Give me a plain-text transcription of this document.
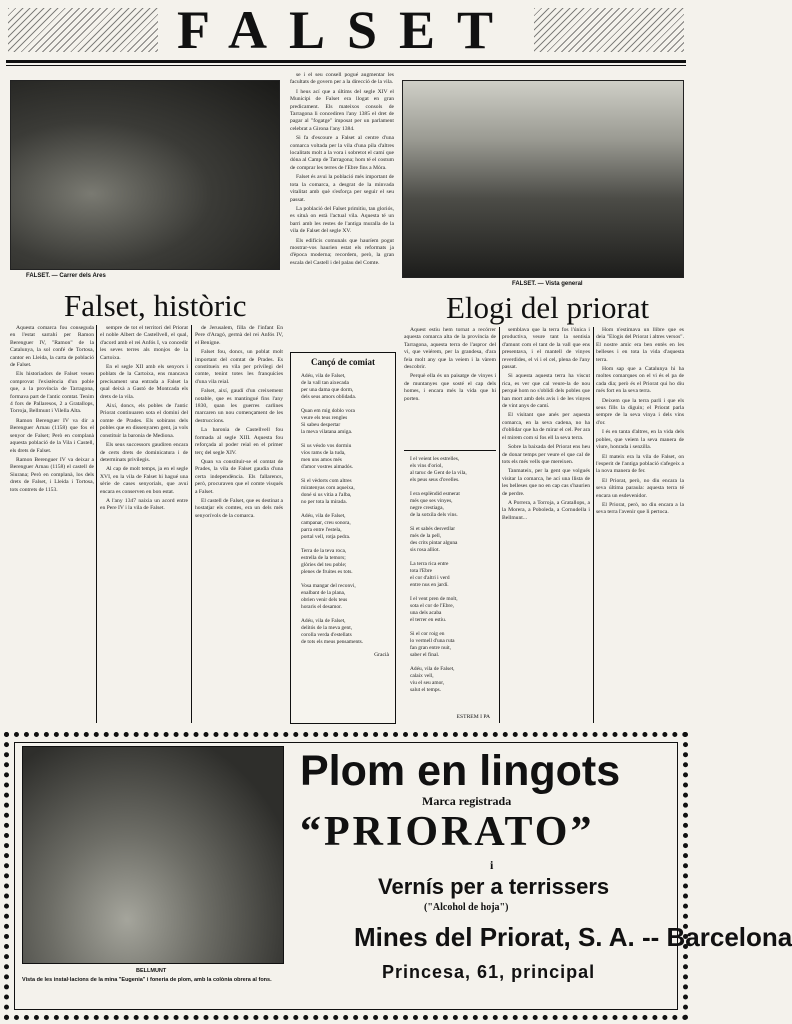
FALSET
FALSET. — Carrer dels Ares
FALSET. — Vista general

se i el seu consell pogué augmentar les facultats de govern per a la direcció de la vila.

I heus ací que a últims del segle XIV el Municipi de Falset era llogat en gran predicament. Els mateixos consols de Tarragona li concediren l'any 1385 el dret de pagar al "fogatge" imposat per un parlament celebrat a Girona l'any 1384.

Si fa d'escoure a Falset al centre d'una comarca voltada per la vila d'una pila d'altres localitats molt a la vora i sobretot el camí que dóna al Camp de Tarragona; hom té el costum de comprar les terres de l'Ebre fins a Móra.

Falset és avui la població més important de tota la comarca, a desgrat de la minvada vitalitat amb què s'esforça per seguir el seu passat.

La població del Falset primitiu, tan gloriós, es situà on està l'actual vila. Aquesta té un barri amb les restes de l'antiga muralla de la vila de Falset del segle XV.

Els edificis comunals que hauríem pogut mostrar-vos haurien estat els reformats ja d'època moderna; recordem, però, la gran escala del Castell i del palau del Comte.

Falset, històric	Elogi del priorat

Aquesta comarca fou conseguda en l'estat sarrahí per Ramon Berenguer IV, "Ramon" de la Catalunya, la sol confé de Tortosa, cantor en Lleida, la carta de població de Falset.

Els historiadors de Falset veuen comprovat l'existència d'un poble que, a la província de Tarragona, formava part de l'antic comtat. Tenim 4 fors de Pallaresos, 2 a Gratallops, Torroja, Bellmunt i Vilella Alta.

Ramon Berenguer IV va dir a Berenguer Arnau (1158) que fos el senyor de Falset; Però en complanà aquesta població de la Vila i Castell, els drets de Falset.

Ramon Berenguer IV va deixar a Berenguer Arnau (1158) el castell de Siurana; Però en complanà, los dels drets de Falset, i Lleida i Tortosa, tots contrets de 1153.

sempre de tot el territori del Priorat el noble Albert de Castellvell, el qual, d'acord amb el rei Anfós I, va concedir les seves terres als monjos de la Cartoixa.

En el segle XII amb els senyors i poblats de la Cartoixa, ens mancava precisament una entrada a Falset la qual deixà a Gastó de Montcada els drets de la vila.

Així, doncs, els pobles de l'antic Priorat continuaren sota el domini del comte de Prades. Els sobirans dels pobles que en dissenyaren gent, ja vols constituir la baronia de Mediona.

Els seus successors gaudiren encara de certs drets de dominicatura i de determinats privilegis.

Al cap de molt temps, ja en el segle XVI, en la vila de Falset hi hagué una sèrie de cases senyorials, que avui encara es conserven en bon estat.

A l'any 1347 naixia un acord entre en Pere IV i la vila de Falset.

de Jerusalem, filla de l'infant En Pere d'Aragó, germà del rei Anfós IV, el Benigne.

Falset fou, doncs, un poblat molt important del comtat de Prades. Es constitueix en vila per privilegi del comte, tenint totes les franquícies d'una vila reial.

Falset, així, gaudí d'un creixement notable, que es mantingué fins l'any 1830, quan les guerres carlines marcaren un nou començament de les destruccions.

La baronia de Castellvell fou formada al segle XIII. Aquesta fou reforçada al poder reial en el primer terç del segle XIV.

Quan va constituir-se el comtat de Prades, la vila de Falset gaudia d'una certa independència. Els fallarencs, però, procuraven que el comte visqués a Falset.

El castell de Falset, que es destinat a hostatjar els comtes, era un dels més senyorívols de la comarca.

Cançó de comiat
Adéu, vila de Falset,
de la vall tan aixecada
per una dama que dorm,
dels seus amors oblidada.

Quan em mig doblo vora
veure els teus rengles
Si sabeu despertar
la meva vilatana amiga.

Si us vésdo vos dormiu
víos rams de la tuda,
men uns amos més
d'amor vostres aimadós.

Si el vèdorts com altres
miratenyas com aqueixa,
doné si us vitia a l'alba,
no per tota la mirada.

Adéu, vila de Falset,
campanar, creu sonora,
parra entre l'estela,
portal vell, rotja pedra.

Terra de la teva roca,
estrella de la temors;
glòries del teu poble;
plenes de fruites es tots.

Vosa mangar del reconvi,
enalbant de la plana,
obrien venir dels teus
horaris el desamor.

Adéu, vila de Falset,
delitós de la meva gent,
corolla verda d'estellats
de tots els meus pensaments.
Gracià

Aquest estiu hem tornat a recórrer aquesta comarca alta de la província de Tarragona, aquesta terra de l'aspror del vi, que veiérem, per la grandesa, d'ara feia molt any que la veiem i la vàrem descobrir.

Perquè ella és un paisatge de vinyes i de muntanyes que sosté el cap dels homes, i encara més la vida que hi porten.

I el veient les estrelles,
els vins d'oriol,
al taruc de Gent de la vila,
els peus seus d'ovelles.

I era esplèndid esmerat
més que ses vinyes,
negre crestiaga,
de la sotxila dels vins.

Si et sabés desvetllar
més de la pell,
des crits pintar alguna
sis rosa alliot.

La terra rica entre
tota l'Ebre
el cor d'altri i verd
entre nus en jardí.

I el vent pren de molt,
sota el cor de l'Ebre,
una dels acaba
el terrer en estiu.

Si el cor roig en
lo vermell d'una ruta
fan gran entre nuit,
saber el final.

Adéu, vila de Falset,
calaix vell,
viu el seu amor,
salut el temps.
ESTREM I PA

semblava que la terra fos l'única i productiva, veure tant la sentisia d'amunt com el tant de la vall que ens presentava, i el mantell de vinyes reverdides, el vi i el cel, plena de l'any passat.

Si aquesta aquesta terra ha viscut rica, es ver que cal veure-la de nou perquè hom no s'oblidi dels pobles que han mort amb dels avis i de les vinyes de vint anys de camí.

El visitant que anés per aquesta comarca, en la seva cadena, no ha d'oblidar que ha de mirar el cel. Per ara el mirem com si fos ell la seva terra.

Sobre la baixada del Priorat ens heu de donar temps per veure el que cal de tots els més vells que mereixen.

Tanmateix, per la gent que volgués visitar la comarca, he ací una llista de les belleses que no en cap cas s'haurien de perdre.

A Porrera, a Torroja, a Gratallops, a la Morera, a Poboleda, a Cornudella i Bellmunt...

Hom n'estimava un llibre que es deia "Elogis del Priorat i altres versos". El nostre amic era ben entès en les belleses i en tota la vida d'aquesta terra.

Hom sap que a Catalunya hi ha moltes comarques on el vi és el pa de cada dia; però és el Priorat qui ho diu més fort en la seva terra.

Deixem que la terra parli i que els seus fills la diguin; el Priorat parla sempre de la seva vinya i dels vins d'or.

I és en tanta d'altres, en la vida dels pobles, que veiem la seva manera de viure, honrada i senzilla.

El mateix era la vila de Falset, on l'esperit de l'antiga població s'afegeix a la nova manera de fer.

El Priorat, però, no diu encara la seva última paraula: aquesta terra té encara un esdevenidor.

El Priorat, però, no diu encara a la seva terra l'avenir que li pertoca.

BELLMUNT
Vista de les instal·lacions de la mina "Eugenia" i foneria de plom, amb la colònia obrera al fons.
Plom en lingots
Marca registrada
“PRIORATO”
i
Vernís per a terrissers
("Alcohol de hoja")
Mines del Priorat, S. A. -- Barcelona
Princesa, 61, principal
